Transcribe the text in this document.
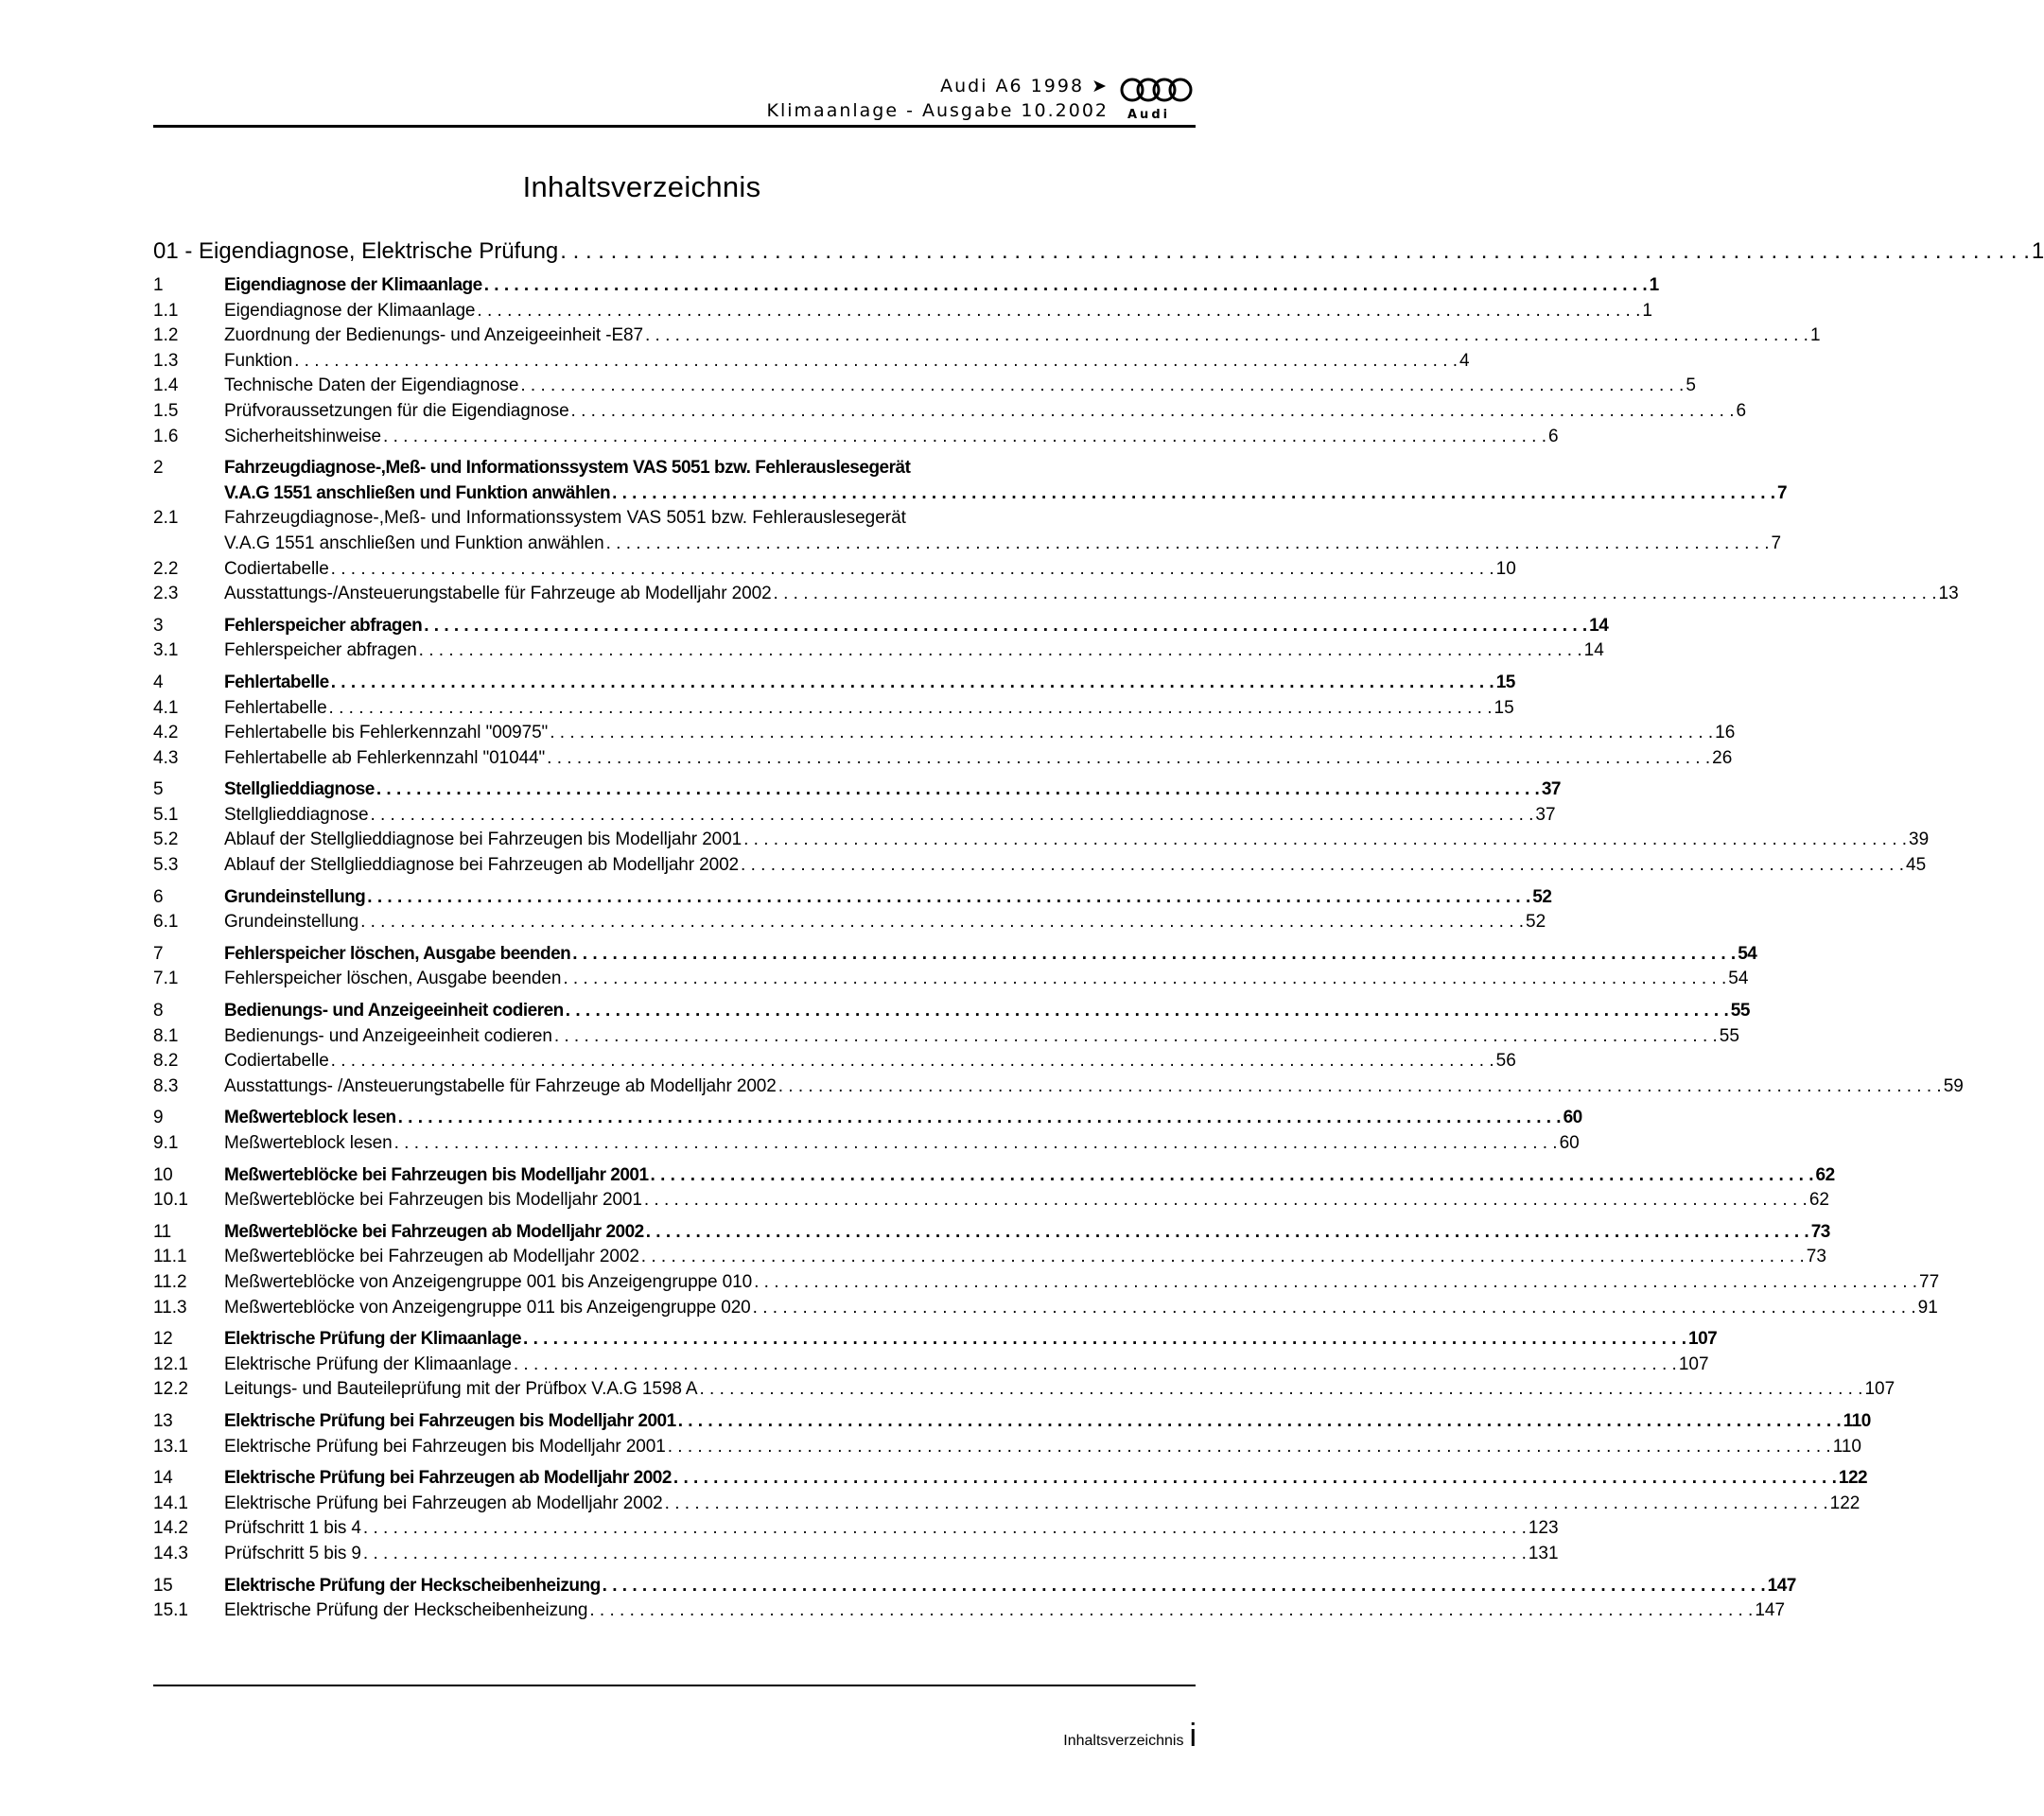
Audi A6 1998 ➤
Klimaanlage - Ausgabe 10.2002 Audi
Inhaltsverzeichnis
01 - Eigendiagnose, Elektrische Prüfung . . .	1
1	Eigendiagnose der Klimaanlage . . .	1
1.1	Eigendiagnose der Klimaanlage . . .	1
1.2	Zuordnung der Bedienungs- und Anzeigeeinheit -E87 . . .	1
1.3	Funktion . . .	4
1.4	Technische Daten der Eigendiagnose . . .	5
1.5	Prüfvoraussetzungen für die Eigendiagnose . . .	6
1.6	Sicherheitshinweise . . .	6
2	Fahrzeugdiagnose-,Meß- und Informationssystem VAS 5051 bzw. Fehlerauslesegerät
V.A.G 1551 anschließen und Funktion anwählen . . .	7
2.1	Fahrzeugdiagnose-,Meß- und Informationssystem VAS 5051 bzw. Fehlerauslesegerät
V.A.G 1551 anschließen und Funktion anwählen . . .	7
2.2	Codiertabelle . . .	10
2.3	Ausstattungs-/Ansteuerungstabelle für Fahrzeuge ab Modelljahr 2002 . . .	13
3	Fehlerspeicher abfragen . . .	14
3.1	Fehlerspeicher abfragen . . .	14
4	Fehlertabelle . . .	15
4.1	Fehlertabelle . . .	15
4.2	Fehlertabelle bis Fehlerkennzahl "00975" . . .	16
4.3	Fehlertabelle ab Fehlerkennzahl "01044" . . .	26
5	Stellglieddiagnose . . .	37
5.1	Stellglieddiagnose . . .	37
5.2	Ablauf der Stellglieddiagnose bei Fahrzeugen bis Modelljahr 2001 . . .	39
5.3	Ablauf der Stellglieddiagnose bei Fahrzeugen ab Modelljahr 2002 . . .	45
6	Grundeinstellung . . .	52
6.1	Grundeinstellung . . .	52
7	Fehlerspeicher löschen, Ausgabe beenden . . .	54
7.1	Fehlerspeicher löschen, Ausgabe beenden . . .	54
8	Bedienungs- und Anzeigeeinheit codieren . . .	55
8.1	Bedienungs- und Anzeigeeinheit codieren . . .	55
8.2	Codiertabelle . . .	56
8.3	Ausstattungs- /Ansteuerungstabelle für Fahrzeuge ab Modelljahr 2002 . . .	59
9	Meßwerteblock lesen . . .	60
9.1	Meßwerteblock lesen . . .	60
10	Meßwerteblöcke bei Fahrzeugen bis Modelljahr 2001 . . .	62
10.1	Meßwerteblöcke bei Fahrzeugen bis Modelljahr 2001 . . .	62
11	Meßwerteblöcke bei Fahrzeugen ab Modelljahr 2002 . . .	73
11.1	Meßwerteblöcke bei Fahrzeugen ab Modelljahr 2002 . . .	73
11.2	Meßwerteblöcke von Anzeigengruppe 001 bis Anzeigengruppe 010 . . .	77
11.3	Meßwerteblöcke von Anzeigengruppe 011 bis Anzeigengruppe 020 . . .	91
12	Elektrische Prüfung der Klimaanlage . . .	107
12.1	Elektrische Prüfung der Klimaanlage . . .	107
12.2	Leitungs- und Bauteileprüfung mit der Prüfbox V.A.G 1598 A . . .	107
13	Elektrische Prüfung bei Fahrzeugen bis Modelljahr 2001 . . .	110
13.1	Elektrische Prüfung bei Fahrzeugen bis Modelljahr 2001 . . .	110
14	Elektrische Prüfung bei Fahrzeugen ab Modelljahr 2002 . . .	122
14.1	Elektrische Prüfung bei Fahrzeugen ab Modelljahr 2002 . . .	122
14.2	Prüfschritt 1 bis 4 . . .	123
14.3	Prüfschritt 5 bis 9 . . .	131
15	Elektrische Prüfung der Heckscheibenheizung . . .	147
15.1	Elektrische Prüfung der Heckscheibenheizung . . .	147
Inhaltsverzeichnis i
